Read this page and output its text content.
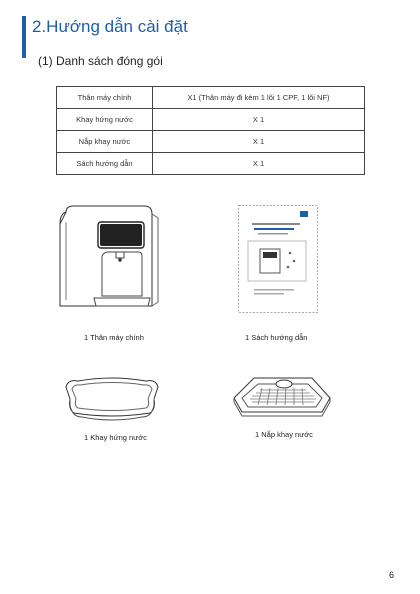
2.Hướng dẫn cài đặt
(1) Danh sách đóng gói
Thân máy chính	X1 (Thân máy đi kèm 1 lõi 1 CPF, 1 lõi NF)
Khay hứng nước	X 1
Nắp khay nước	X 1
Sách hướng dẫn	X 1
1 Thân máy chính	1 Sách hướng dẫn
1 Khay hứng nước	1 Nắp khay nước
6
